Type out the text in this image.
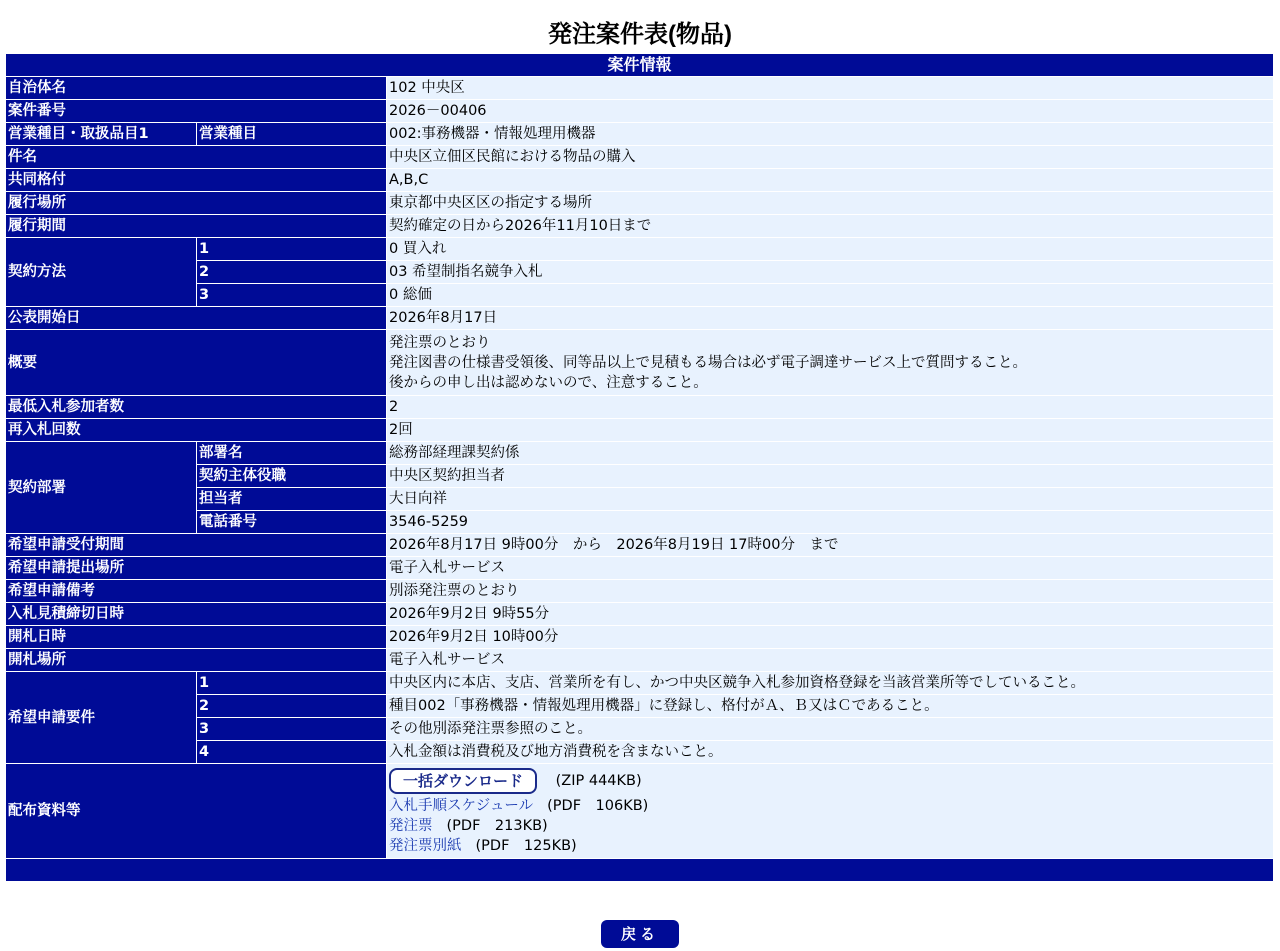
発注案件表(物品)
案件情報		
自治体名		102 中央区
案件番号		2026－00406
営業種目・取扱品目1	営業種目	002:事務機器・情報処理用機器
件名		中央区立佃区民館における物品の購入
共同格付		A,B,C
履行場所		東京都中央区区の指定する場所
履行期間		契約確定の日から2026年11月10日まで
契約方法	1	0 買入れ
	2	03 希望制指名競争入札
	3	0 総価
公表開始日		2026年8月17日
概要		発注票のとおり
発注図書の仕様書受領後、同等品以上で見積もる場合は必ず電子調達サービス上で質問すること。
後からの申し出は認めないので、注意すること。

最低入札参加者数		2
再入札回数		2回
契約部署	部署名	総務部経理課契約係
	契約主体役職	中央区契約担当者
	担当者	大日向祥
	電話番号	3546-5259
希望申請受付期間		2026年8月17日 9時00分　から　2026年8月19日 17時00分　まで
希望申請提出場所		電子入札サービス
希望申請備考		別添発注票のとおり
入札見積締切日時		2026年9月2日 9時55分
開札日時		2026年9月2日 10時00分
開札場所		電子入札サービス
希望申請要件	1	中央区内に本店、支店、営業所を有し、かつ中央区競争入札参加資格登録を当該営業所等でしていること。
	2	種目002「事務機器・情報処理用機器」に登録し、格付がＡ、Ｂ又はＣであること。
	3	その他別添発注票参照のこと。
	4	入札金額は消費税及び地方消費税を含まないこと。
配布資料等		一括ダウンロード (ZIP 444KB)
入札手順スケジュール (PDF　106KB)
発注票 (PDF　213KB)
発注票別紙 (PDF　125KB)

戻る
